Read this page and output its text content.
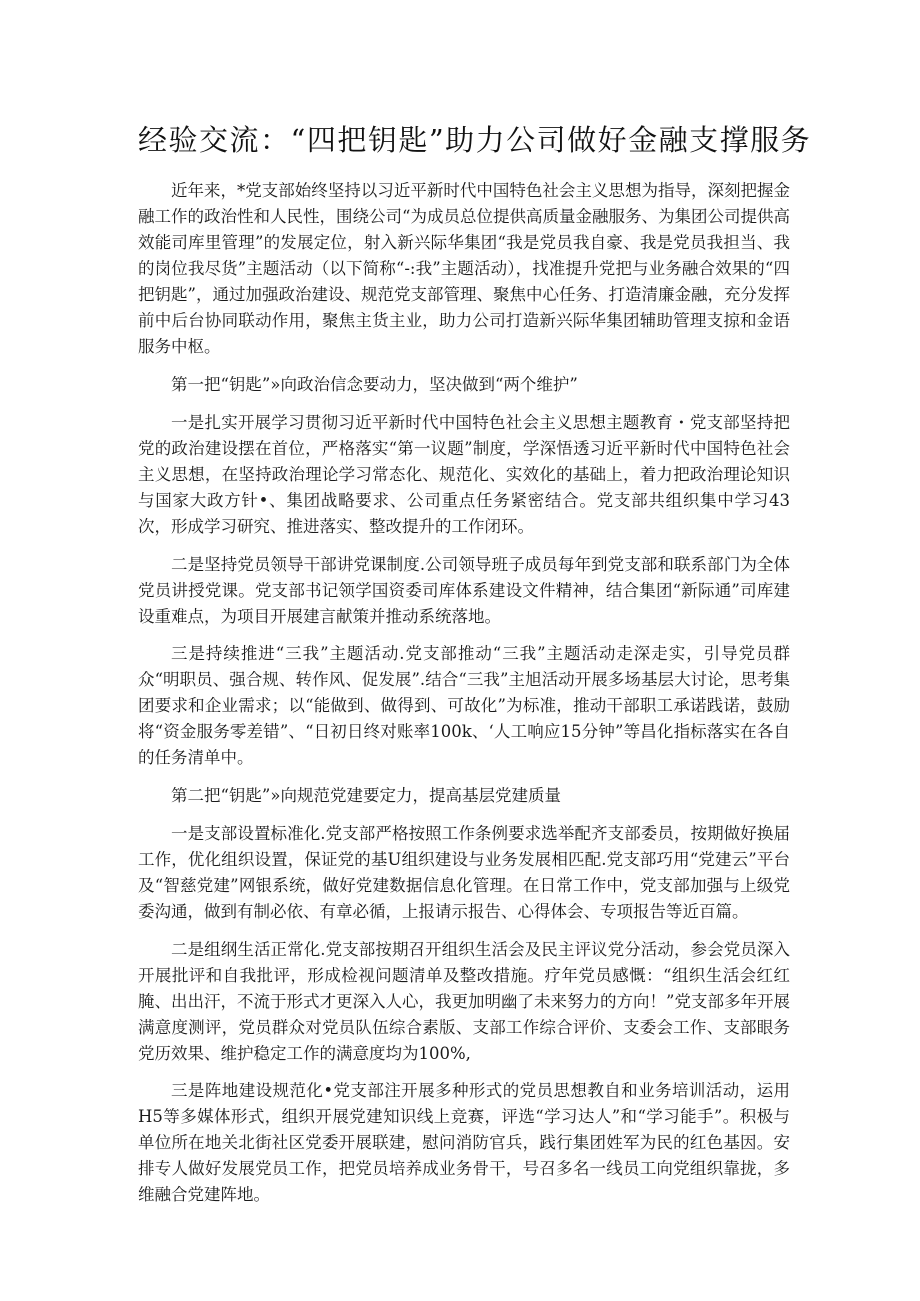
经验交流：“四把钥匙”助力公司做好金融支撑服务

近年来，*党支部始终坚持以习近平新时代中国特色社会主义思想为指导，深刻把握金融工作的政治性和人民性，围绕公司“为成员总位提供高质量金融服务、为集团公司提供高效能司库里管理”的发展定位，射入新兴际华集团“我是党员我自豪、我是党员我担当、我的岗位我尽货”主题活动（以下简称“-:我”主题活动），找准提升党把与业务融合效果的“四把钥匙”，通过加强政治建设、规范党支部管理、聚焦中心任务、打造清廉金融，充分发挥前中后台协同联动作用，聚焦主货主业，助力公司打造新兴际华集团辅助管理支掠和金语服务中枢。

第一把“钥匙”»向政治信念要动力，坚决做到“两个维护”

一是扎实开展学习贯彻习近平新时代中国特色社会主义思想主题教育・党支部坚持把党的政治建设摆在首位，严格落实“第一议题”制度，学深悟透习近平新时代中国特色社会主义思想，在坚持政治理论学习常态化、规范化、实效化的基础上，着力把政治理论知识与国家大政方针•、集团战略要求、公司重点任务紧密结合。党支部共组织集中学习43次，形成学习研究、推进落实、整改提升的工作闭环。

二是坚持党员领导干部讲党课制度.公司领导班子成员每年到党支部和联系部门为全体党员讲授党课。党支部书记领学国资委司库体系建设文件精神，结合集团“新际通”司库建设重难点，为项目开展建言献策并推动系统落地。

三是持续推进“三我”主题活动.党支部推动“三我”主题活动走深走实，引导党员群众“明职员、强合规、转作风、促发展”.结合“三我”主旭活动开展多场基层大讨论，思考集团要求和企业需求；以“能做到、做得到、可故化”为标准，推动干部职工承诺践诺，鼓励将“资金服务零差错”、“日初日终对账率100k、‘人工响应15分钟”等昌化指标落实在各自的任务清单中。

第二把“钥匙”»向规范党建要定力，提高基层党建质量

一是支部设置标准化.党支部严格按照工作条例要求选举配齐支部委员，按期做好换届工作，优化组织设置，保证党的基U组织建设与业务发展相匹配.党支部巧用“党建云”平台及“智慈党建”网银系统，做好党建数据信息化管理。在日常工作中，党支部加强与上级党委沟通，做到有制必依、有章必循，上报请示报告、心得体会、专项报告等近百篇。

二是组纲生活正常化.党支部按期召开组织生活会及民主评议党分活动，参会党员深入开展批评和自我批评，形成检视问题清单及整改措施。疗年党员感慨：“组织生活会红红腌、出出汗，不流于形式才更深入人心，我更加明幽了未来努力的方向！”党支部多年开展满意度测评，党员群众对党员队伍综合素版、支部工作综合评价、支委会工作、支部眼务党历效果、维护稳定工作的满意度均为100%,

三是阵地建设规范化•党支部注开展多种形式的党员思想教自和业务培训活动，运用H5等多媒体形式，组织开展党建知识线上竞赛，评选“学习达人”和“学习能手”。积极与单位所在地关北街社区党委开展联建，慰问消防官兵，践行集团姓军为民的红色基因。安排专人做好发展党员工作，把党员培养成业务骨干，号召多名一线员工向党组织靠拢，多维融合党建阵地。
